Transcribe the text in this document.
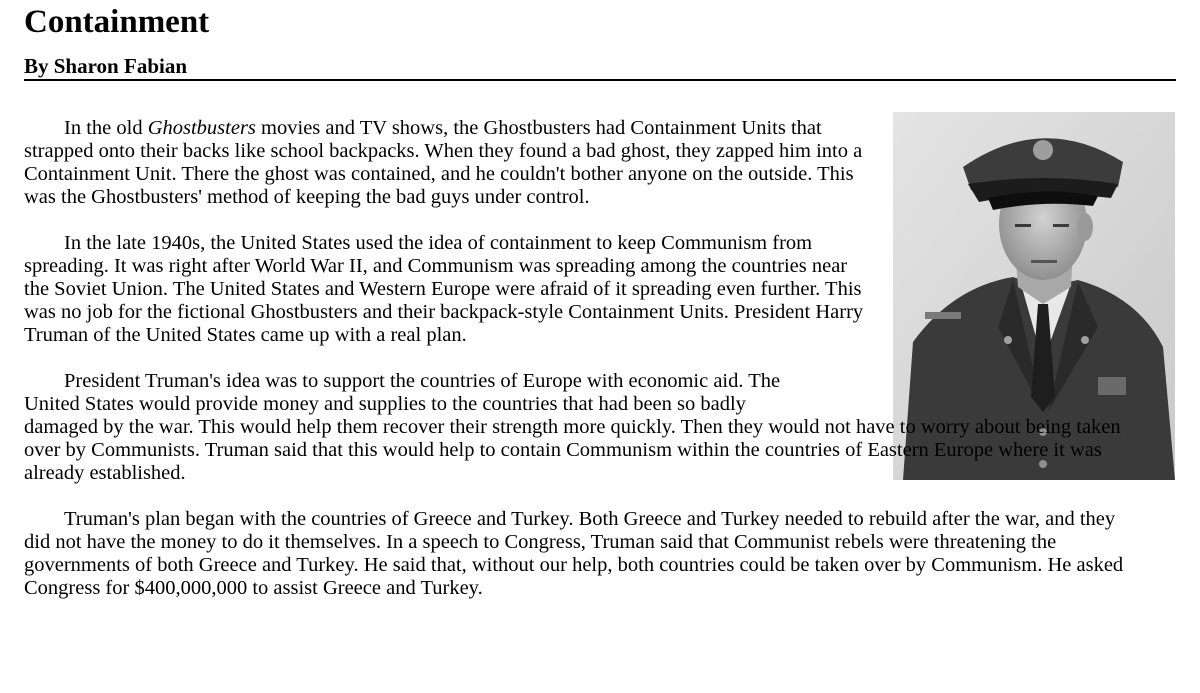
Containment
By Sharon Fabian

In the old Ghostbusters movies and TV shows, the Ghostbusters had Containment Units that strapped onto their backs like school backpacks. When they found a bad ghost, they zapped him into a Containment Unit. There the ghost was contained, and he couldn't bother anyone on the outside. This was the Ghostbusters' method of keeping the bad guys under control.

In the late 1940s, the United States used the idea of containment to keep Communism from spreading. It was right after World War II, and Communism was spreading among the countries near the Soviet Union. The United States and Western Europe were afraid of it spreading even further. This was no job for the fictional Ghostbusters and their backpack-style Containment Units. President Harry Truman of the United States came up with a real plan.

President Truman's idea was to support the countries of Europe with economic aid. The United States would provide money and supplies to the countries that had been so badly damaged by the war. This would help them recover their strength more quickly. Then they would not have to worry about being taken over by Communists. Truman said that this would help to contain Communism within the countries of Eastern Europe where it was already established.

Truman's plan began with the countries of Greece and Turkey. Both Greece and Turkey needed to rebuild after the war, and they did not have the money to do it themselves. In a speech to Congress, Truman said that Communist rebels were threatening the governments of both Greece and Turkey. He said that, without our help, both countries could be taken over by Communism. He asked Congress for $400,000,000 to assist Greece and Turkey.
